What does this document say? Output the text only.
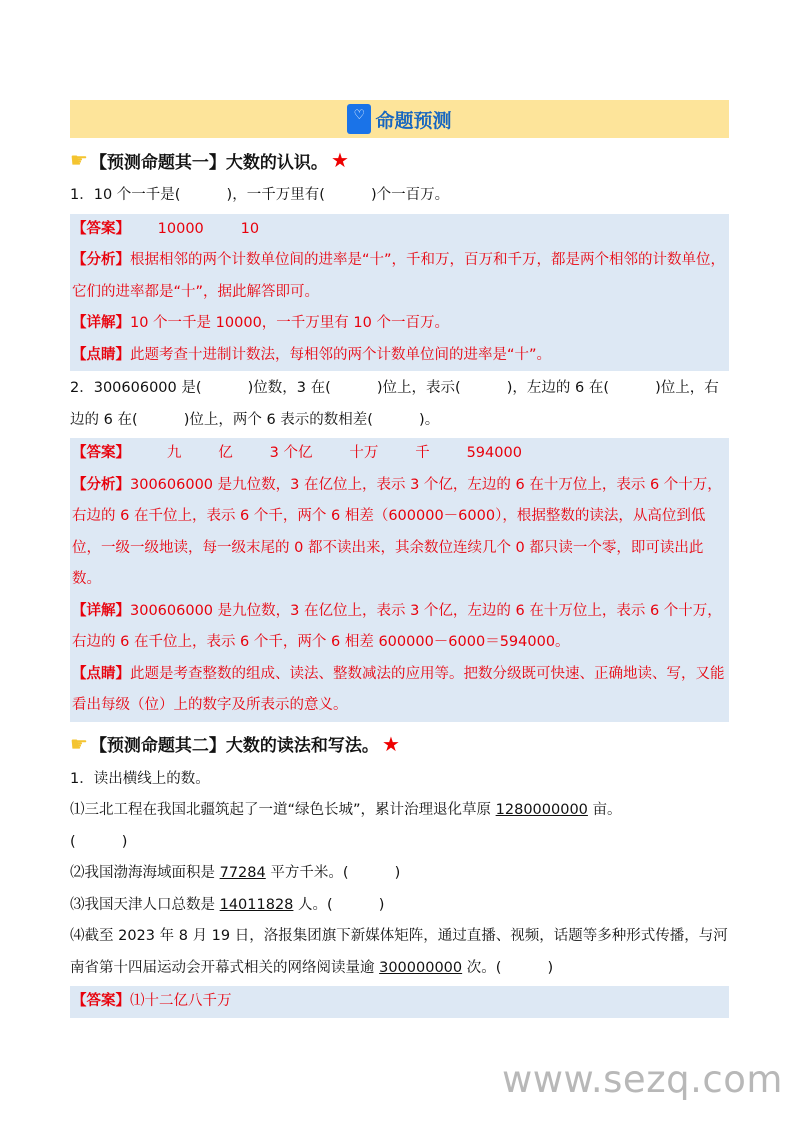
♡
命题预测
☛ 【预测命题其一】大数的认识。 ★
1．10 个一千是(          )，一千万里有(          )个一百万。
【答案】      10000        10
【分析】根据相邻的两个计数单位间的进率是“十”，千和万，百万和千万，都是两个相邻的计数单位，它们的进率都是“十”，据此解答即可。
【详解】10 个一千是 10000，一千万里有 10 个一百万。
【点睛】此题考查十进制计数法，每相邻的两个计数单位间的进率是“十”。
2．300606000 是(          )位数，3 在(          )位上，表示(          )，左边的 6 在(          )位上，右边的 6 在(          )位上，两个 6 表示的数相差(          )。
【答案】        九        亿        3 个亿        十万        千        594000
【分析】300606000 是九位数，3 在亿位上，表示 3 个亿，左边的 6 在十万位上，表示 6 个十万，右边的 6 在千位上，表示 6 个千，两个 6 相差（600000－6000），根据整数的读法，从高位到低位，一级一级地读，每一级末尾的 0 都不读出来，其余数位连续几个 0 都只读一个零，即可读出此数。
【详解】300606000 是九位数，3 在亿位上，表示 3 个亿，左边的 6 在十万位上，表示 6 个十万，右边的 6 在千位上，表示 6 个千，两个 6 相差 600000－6000＝594000。
【点睛】此题是考查整数的组成、读法、整数减法的应用等。把数分级既可快速、正确地读、写，又能看出每级（位）上的数字及所表示的意义。
☛ 【预测命题其二】大数的读法和写法。 ★
1．读出横线上的数。
⑴三北工程在我国北疆筑起了一道“绿色长城”，累计治理退化草原 1280000000 亩。
(          )
⑵我国渤海海域面积是 77284 平方千米。(          )
⑶我国天津人口总数是 14011828 人。(          )
⑷截至 2023 年 8 月 19 日，洛报集团旗下新媒体矩阵，通过直播、视频，话题等多种形式传播，与河南省第十四届运动会开幕式相关的网络阅读量逾 300000000 次。(          )
【答案】⑴十二亿八千万
www.sezq.com
